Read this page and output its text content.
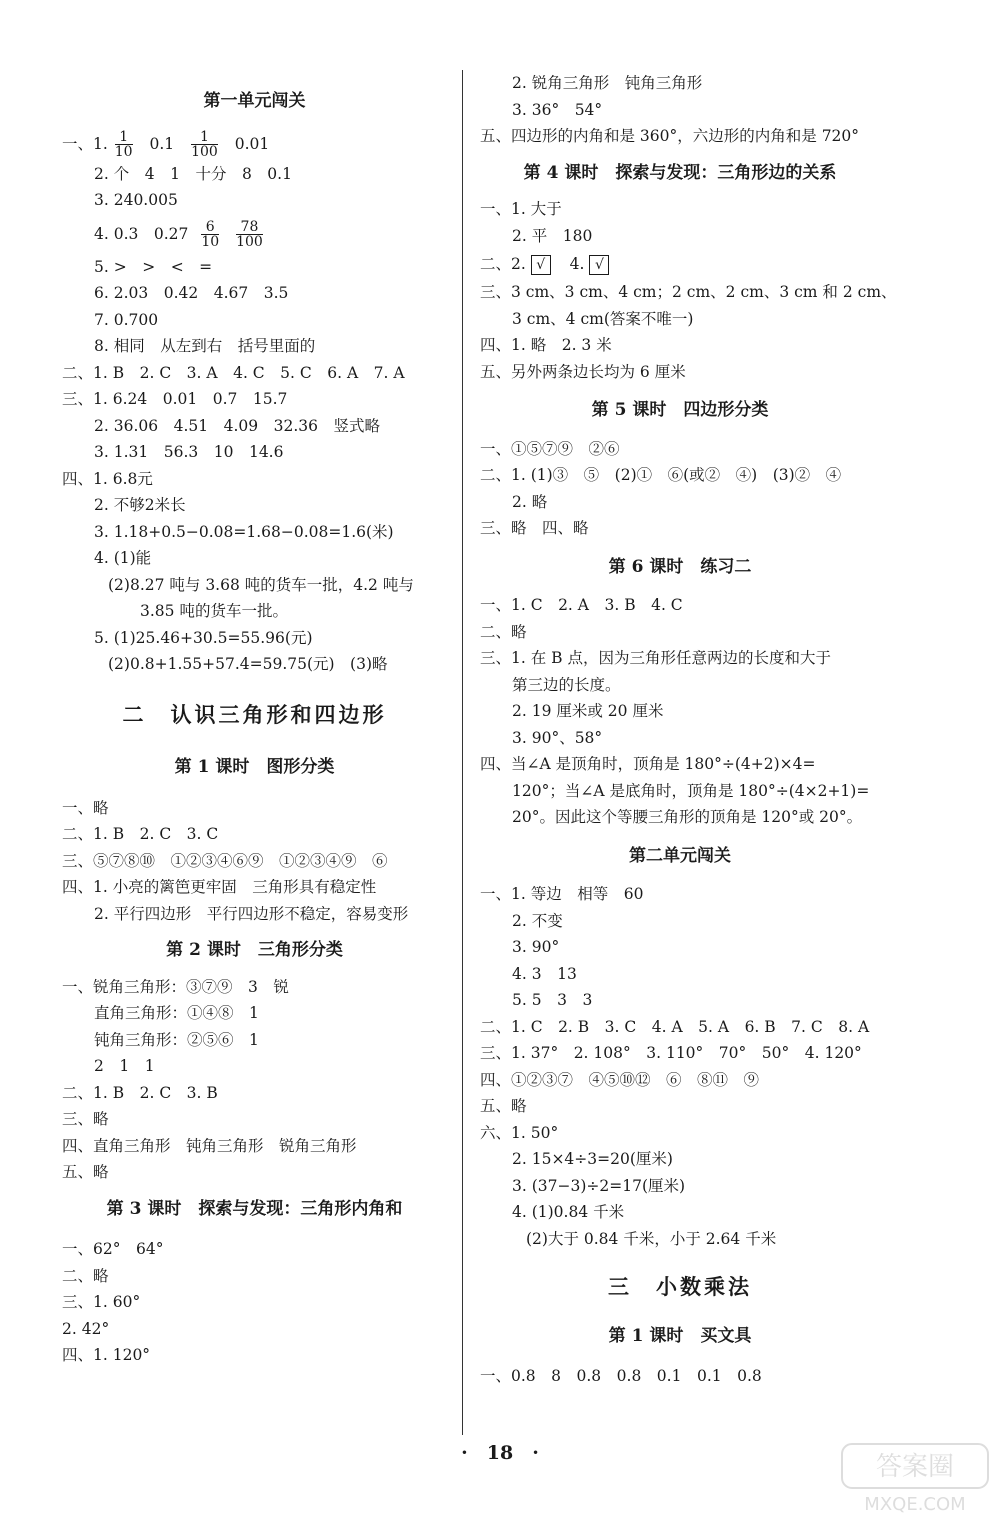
第一单元闯关
一、1. $\frac{1}{10} 0.1 \frac{1}{100} 0.01$
2. 个　4　1　十分　8　0.1
3. 240.005
4. 0.3　$0.27 \frac{6}{10}$
$\frac{78}{100}$
5. >　>　<　=
6. 2.03　0.42　4.67　3.5
7. 0.700
8. 相同　从左到右　括号里面的
二、1. B　2. C　3. A　4. C　5. C　6. A　7. A
三、1. 6.24　0.01　0.7　15.7
2. 36.06　4.51　4.09　32.36　竖式略
3. 1.31　56.3　10　14.6
四、1. 6.8元
2. 不够2米长
3. 1.18+0.5−0.08=1.68−0.08=1.6(米)
4. (1)能
(2)8.27 吨与 3.68 吨的货车一批，4.2 吨与
3.85 吨的货车一批。
5. (1)25.46+30.5=55.96(元)
(2)0.8+1.55+57.4=59.75(元)　(3)略
二　认识三角形和四边形
第 1 课时　图形分类
一、略
二、1. B　2. C　3. C
三、⑤⑦⑧⑩　①②③④⑥⑨　①②③④⑨　⑥
四、1. 小亮的篱笆更牢固　三角形具有稳定性
2. 平行四边形　平行四边形不稳定，容易变形
第 2 课时　三角形分类
一、锐角三角形：③⑦⑨　3　锐
直角三角形：①④⑧　1
钝角三角形：②⑤⑥　1
2　1　1
二、1. B　2. C　3. B
三、略
四、直角三角形　钝角三角形　锐角三角形
五、略
第 3 课时　探索与发现：三角形内角和
一、62°　64°
二、略
三、1. 60°
2. 42°
四、1. 120°
2. 锐角三角形　钝角三角形
3. 36°　54°
五、四边形的内角和是 360°，六边形的内角和是 720°
第 4 课时　探索与发现：三角形边的关系
一、1. 大于
2. 平　180
二、2. √ 4. √
三、3 cm、3 cm、4 cm；2 cm、2 cm、3 cm 和 2 cm、
3 cm、4 cm(答案不唯一)
四、1. 略　2. 3 米
五、另外两条边长均为 6 厘米
第 5 课时　四边形分类
一、①⑤⑦⑨　②⑥
二、1. (1)③　⑤　(2)①　⑥(或②　④)　(3)②　④
2. 略
三、略　四、略
第 6 课时　练习二
一、1. C　2. A　3. B　4. C
二、略
三、1. 在 B 点，因为三角形任意两边的长度和大于
第三边的长度。
2. 19 厘米或 20 厘米
3. 90°、58°
四、当∠A 是顶角时，顶角是 180°÷(4+2)×4=
120°；当∠A 是底角时，顶角是 180°÷(4×2+1)=
20°。因此这个等腰三角形的顶角是 120°或 20°。
第二单元闯关
一、1. 等边　相等　60
2. 不变
3. 90°
4. 3　13
5. 5　3　3
二、1. C　2. B　3. C　4. A　5. A　6. B　7. C　8. A
三、1. 37°　2. 108°　3. 110°　70°　50°　4. 120°
四、①②③⑦　④⑤⑩⑫　⑥　⑧⑪　⑨
五、略
六、1. 50°
2. 15×4÷3=20(厘米)
3. (37−3)÷2=17(厘米)
4. (1)0.84 千米
(2)大于 0.84 千米，小于 2.64 千米
三　小数乘法
第 1 课时　买文具
一、0.8　8　0.8　0.8　0.1　0.1　0.8
·　18　·	答案圈
MXQE.COM
